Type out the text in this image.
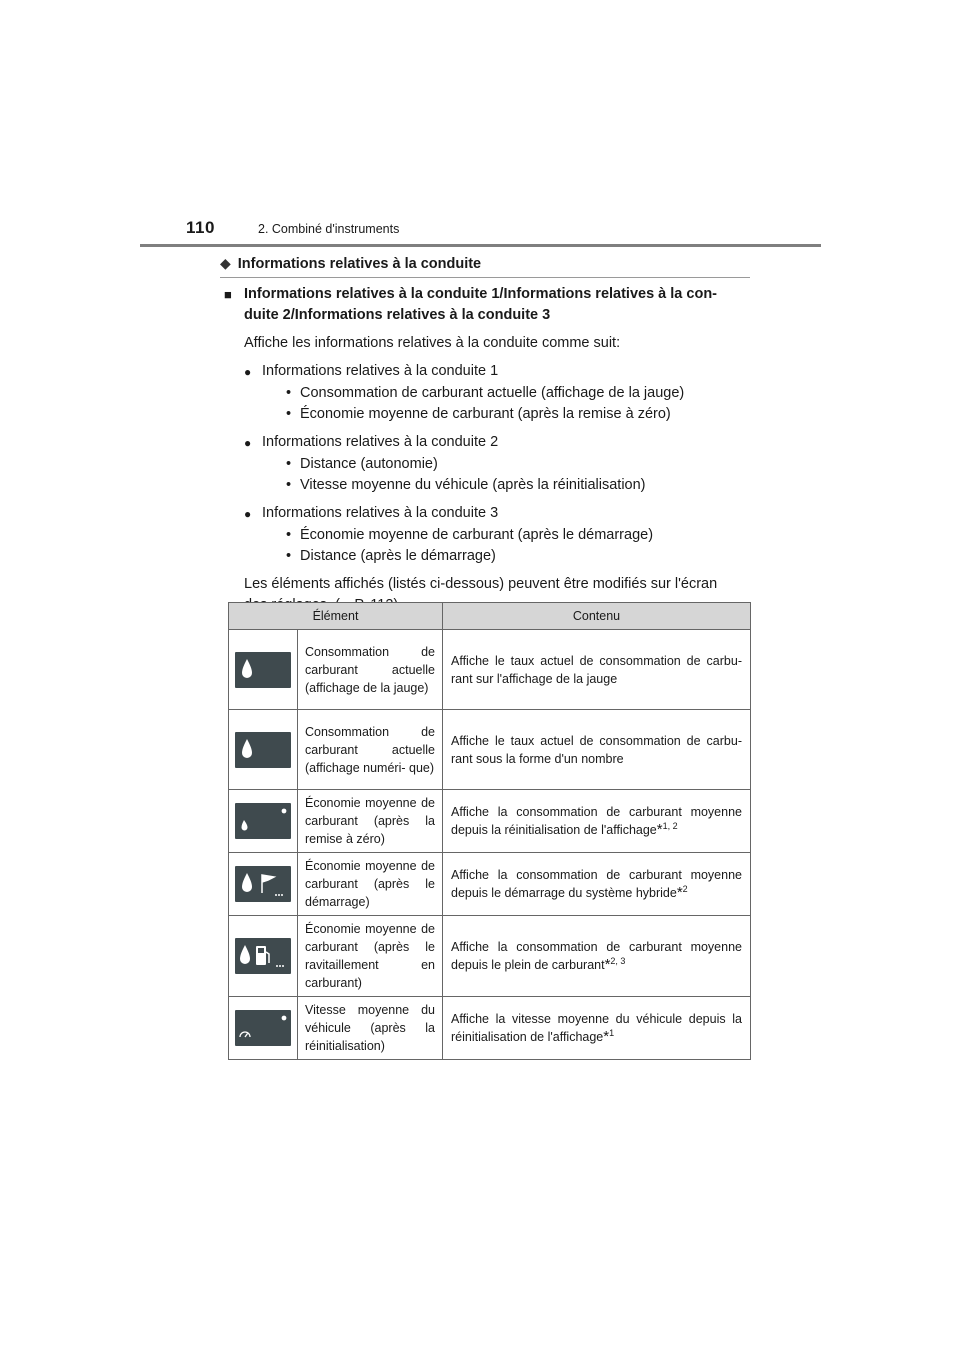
110	2. Combiné d'instruments
◆ Informations relatives à la conduite
■ Informations relatives à la conduite 1/Informations relatives à la con-
duite 2/Informations relatives à la conduite 3
Affiche les informations relatives à la conduite comme suit:
● Informations relatives à la conduite 1
• Consommation de carburant actuelle (affichage de la jauge)
• Économie moyenne de carburant (après la remise à zéro)
● Informations relatives à la conduite 2
• Distance (autonomie)
• Vitesse moyenne du véhicule (après la réinitialisation)
● Informations relatives à la conduite 3
• Économie moyenne de carburant (après le démarrage)
• Distance (après le démarrage)
Les éléments affichés (listés ci-dessous) peuvent être modifiés sur l'écran

Élément		Contenu

	Consommation de carburant actuelle (affichage de la jauge)	Affiche le taux actuel de consommation de carbu- rant sur l'affichage de la jauge

	Consommation de carburant actuelle (affichage numéri- que)	Affiche le taux actuel de consommation de carbu- rant sous la forme d'un nombre

	Économie moyenne de carburant (après la remise à zéro)	Affiche la consommation de carburant moyenne depuis la réinitialisation de l'affichage*$^{1, 2}$

	Économie moyenne de carburant (après le démarrage)	Affiche la consommation de carburant moyenne depuis le démarrage du système hybride*$^2$

	Économie moyenne de carburant (après le ravitaillement en carburant)	Affiche la consommation de carburant moyenne depuis le plein de carburant*$^{2, 3}$

	Vitesse moyenne du véhicule (après la réinitialisation)	Affiche la vitesse moyenne du véhicule depuis la réinitialisation de l'affichage*$^1$
